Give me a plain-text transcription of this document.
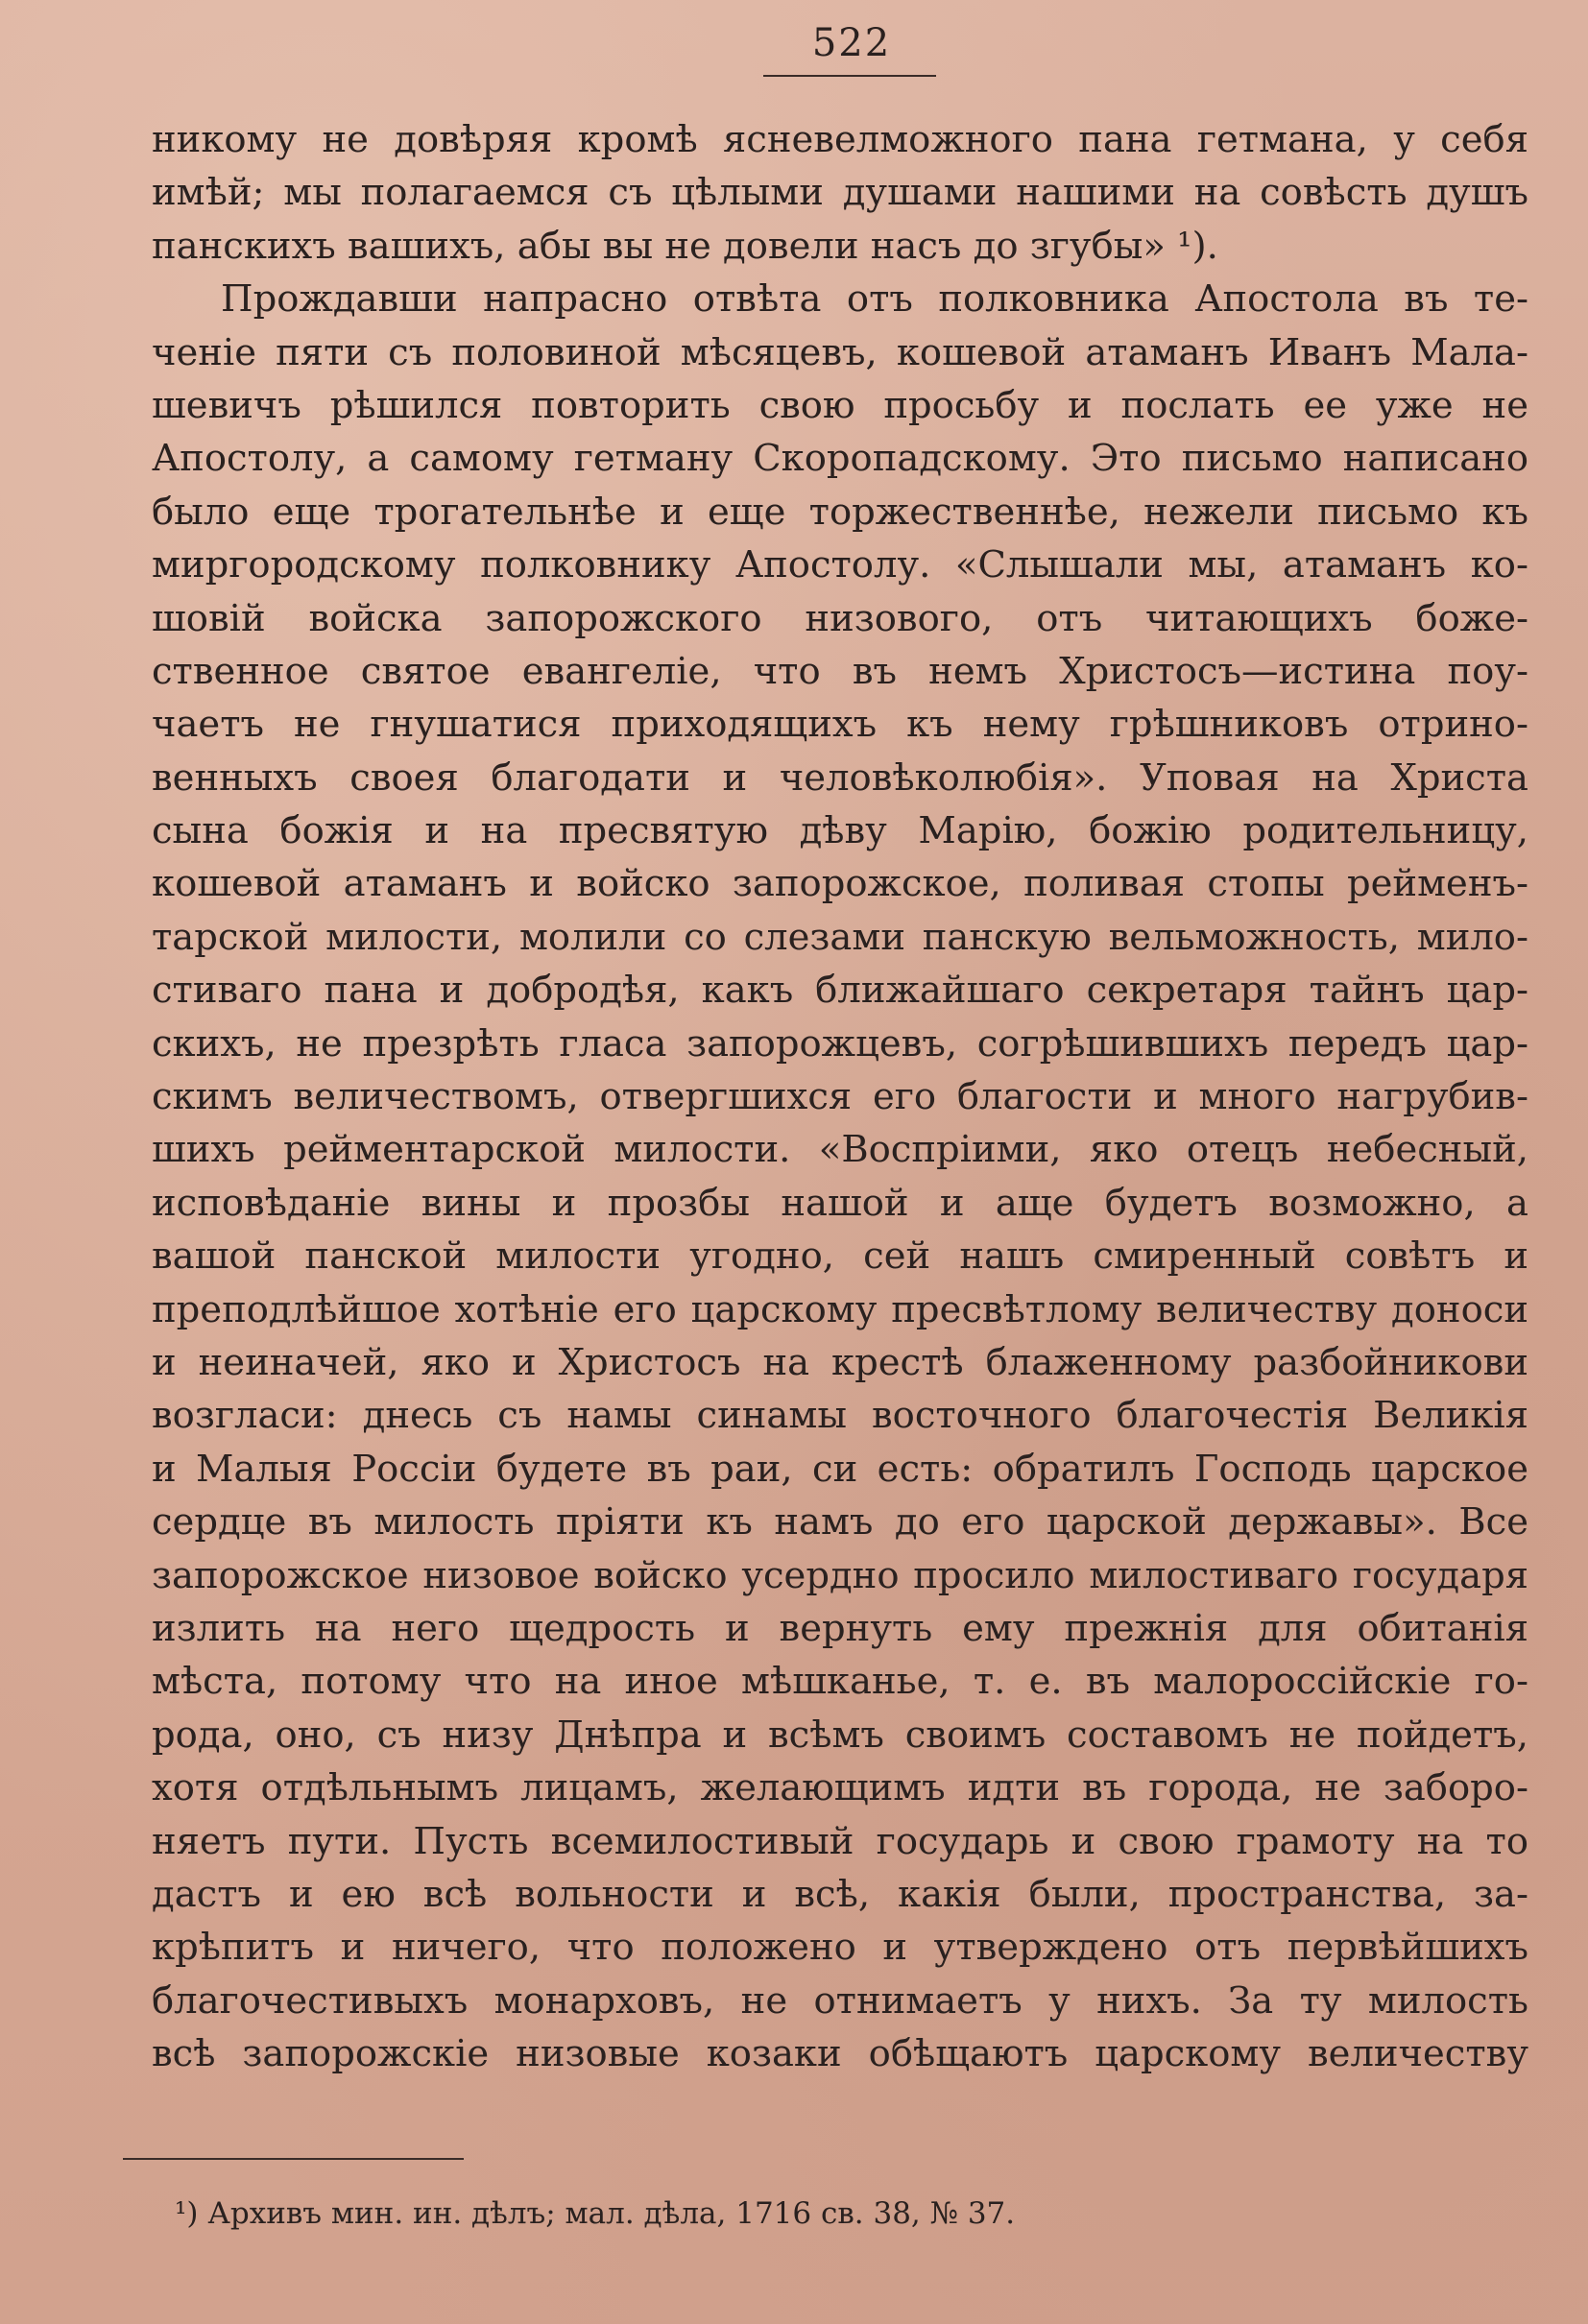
522
никому не довѣряя кромѣ ясневелможного пана гетмана, у себя
имѣй; мы полагаемся съ цѣлыми душами нашими на совѣсть душъ
панскихъ вашихъ, абы вы не довели насъ до згубы» ¹).
Прождавши напрасно отвѣта отъ полковника Апостола въ те-
ченіе пяти съ половиной мѣсяцевъ, кошевой атаманъ Иванъ Мала-
шевичъ рѣшился повторить свою просьбу и послать ее уже не
Апостолу, а самому гетману Скоропадскому. Это письмо написано
было еще трогательнѣе и еще торжественнѣе, нежели письмо къ
миргородскому полковнику Апостолу. «Слышали мы, атаманъ ко-
шовій войска запорожского низового, отъ читающихъ боже-
ственное святое евангеліе, что въ немъ Христосъ—истина поу-
чаетъ не гнушатися приходящихъ къ нему грѣшниковъ отрино-
венныхъ своея благодати и человѣколюбія». Уповая на Христа
сына божія и на пресвятую дѣву Марію, божію родительницу,
кошевой атаманъ и войско запорожское, поливая стопы рейменъ-
тарской милости, молили со слезами панскую вельможность, мило-
стиваго пана и добродѣя, какъ ближайшаго секретаря тайнъ цар-
скихъ, не презрѣть гласа запорожцевъ, согрѣшившихъ передъ цар-
скимъ величествомъ, отвергшихся его благости и много нагрубив-
шихъ рейментарской милости. «Воспріими, яко отецъ небесный,
исповѣданіе вины и прозбы нашой и аще будетъ возможно, а
вашой панской милости угодно, сей нашъ смиренный совѣтъ и
преподлѣйшое хотѣніе его царскому пресвѣтлому величеству доноси
и неиначей, яко и Христосъ на крестѣ блаженному разбойникови
возгласи: днесь съ намы синамы восточного благочестія Великія
и Малыя Россіи будете въ раи, си есть: обратилъ Господь царское
сердце въ милость пріяти къ намъ до его царской державы». Все
запорожское низовое войско усердно просило милостиваго государя
излить на него щедрость и вернуть ему прежнія для обитанія
мѣста, потому что на иное мѣшканье, т. е. въ малороссійскіе го-
рода, оно, съ низу Днѣпра и всѣмъ своимъ составомъ не пойдетъ,
хотя отдѣльнымъ лицамъ, желающимъ идти въ города, не заборо-
няетъ пути. Пусть всемилостивый государь и свою грамоту на то
дастъ и ею всѣ вольности и всѣ, какія были, пространства, за-
крѣпитъ и ничего, что положено и утверждено отъ первѣйшихъ
благочестивыхъ монарховъ, не отнимаетъ у нихъ. За ту милость
всѣ запорожскіе низовые козаки обѣщаютъ царскому величеству
¹) Архивъ мин. ин. дѣлъ; мал. дѣла, 1716 св. 38, № 37.
